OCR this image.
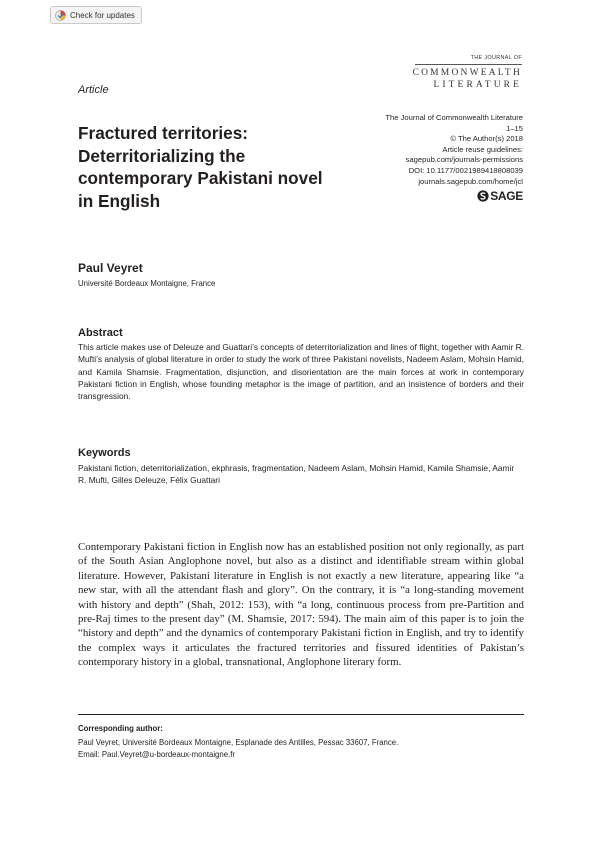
Check for updates
THE JOURNAL OF
COMMONWEALTH
LITERATURE
Article
The Journal of Commonwealth Literature
1–15
© The Author(s) 2018
Article reuse guidelines:
sagepub.com/journals-permissions
DOI: 10.1177/0021989418808039
journals.sagepub.com/home/jcl
SAGE
Fractured territories: Deterritorializing the contemporary Pakistani novel in English
Paul Veyret
Université Bordeaux Montaigne, France
Abstract

This article makes use of Deleuze and Guattari’s concepts of deterritorialization and lines of flight, together with Aamir R. Mufti’s analysis of global literature in order to study the work of three Pakistani novelists, Nadeem Aslam, Mohsin Hamid, and Kamila Shamsie. Fragmentation, disjunction, and disorientation are the main forces at work in contemporary Pakistani fiction in English, whose founding metaphor is the image of partition, and an insistence of borders and their transgression.

Keywords

Pakistani fiction, deterritorialization, ekphrasis, fragmentation, Nadeem Aslam, Mohsin Hamid, Kamila Shamsie, Aamir R. Mufti, Gilles Deleuze, Félix Guattari

Contemporary Pakistani fiction in English now has an established position not only regionally, as part of the South Asian Anglophone novel, but also as a distinct and identifiable stream within global literature. However, Pakistani literature in English is not exactly a new literature, appearing like “a new star, with all the attendant flash and glory”. On the contrary, it is “a long-standing movement with history and depth” (Shah, 2012: 153), with “a long, continuous process from pre-Partition and pre-Raj times to the present day” (M. Shamsie, 2017: 594). The main aim of this paper is to join the “history and depth” and the dynamics of contemporary Pakistani fiction in English, and try to identify the complex ways it articulates the fractured territories and fissured identities of Pakistan’s contemporary history in a global, transnational, Anglophone literary form.

Corresponding author:
Paul Veyret, Université Bordeaux Montaigne, Esplanade des Antilles, Pessac 33607, France.
Email: Paul.Veyret@u-bordeaux-montaigne.fr
